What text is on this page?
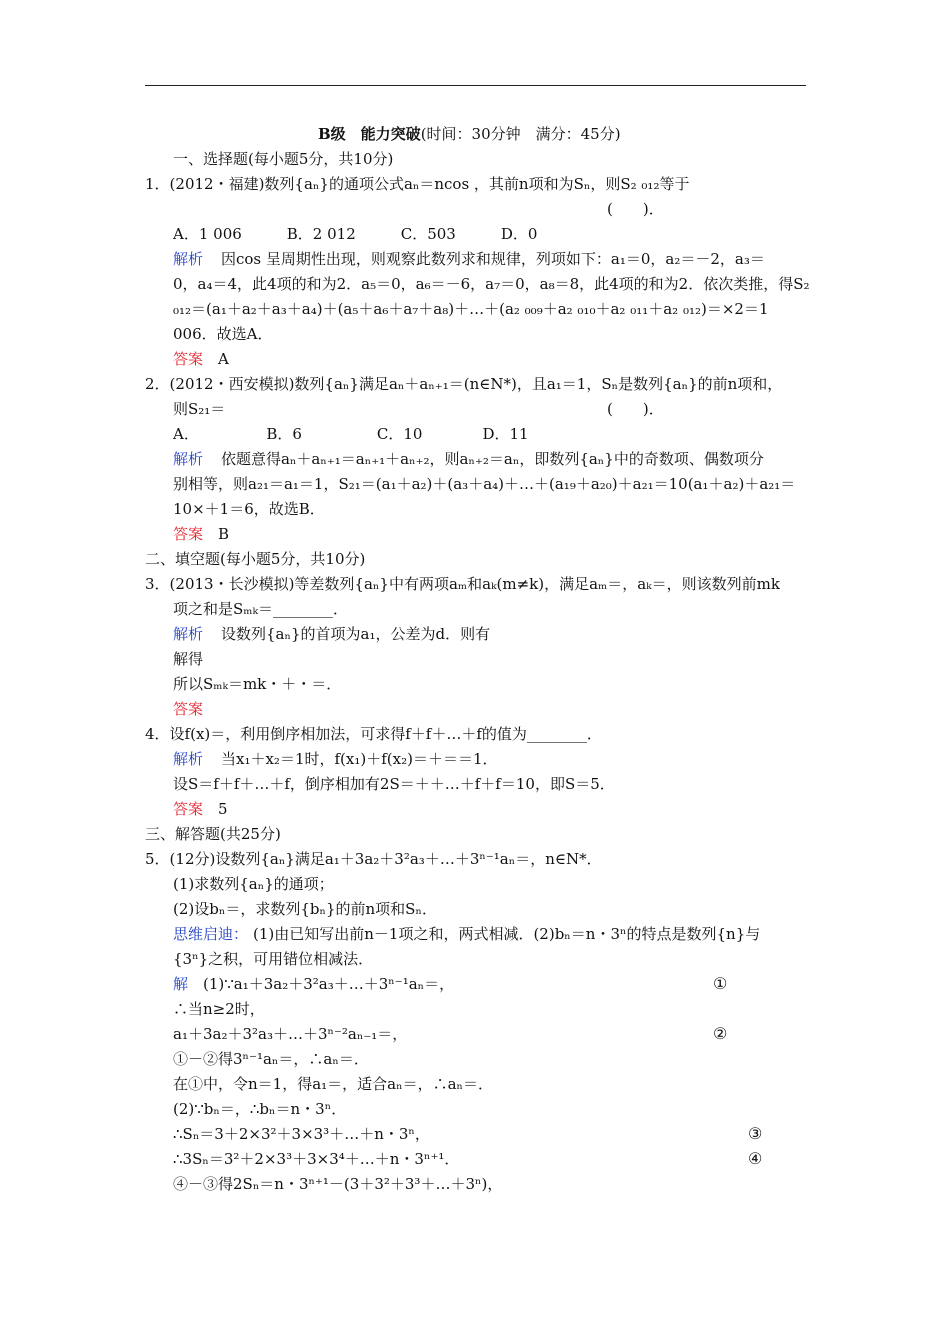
B级　能力突破(时间：30分钟　满分：45分)
一、选择题(每小题5分，共10分)
1．(2012・福建)数列{aₙ}的通项公式aₙ＝ncos ，其前n项和为Sₙ，则S₂ ₀₁₂等于
(　　)．
A．1 006　　　B．2 012　　　C．503　　　D．0
解析 因cos 呈周期性出现，则观察此数列求和规律，列项如下：a₁＝0，a₂＝－2，a₃＝
0，a₄＝4，此4项的和为2．a₅＝0，a₆＝－6，a₇＝0，a₈＝8，此4项的和为2．依次类推，得S₂
₀₁₂＝(a₁＋a₂＋a₃＋a₄)＋(a₅＋a₆＋a₇＋a₈)＋…＋(a₂ ₀₀₉＋a₂ ₀₁₀＋a₂ ₀₁₁＋a₂ ₀₁₂)＝×2＝1
006．故选A．
答案 A
2．(2012・西安模拟)数列{aₙ}满足aₙ＋aₙ₊₁＝(n∈N*)，且a₁＝1，Sₙ是数列{aₙ}的前n项和，
则S₂₁＝	(　　)．
A．　　　　　B．6　　　　　C．10　　　　D．11
解析 依题意得aₙ＋aₙ₊₁＝aₙ₊₁＋aₙ₊₂，则aₙ₊₂＝aₙ，即数列{aₙ}中的奇数项、偶数项分
别相等，则a₂₁＝a₁＝1，S₂₁＝(a₁＋a₂)＋(a₃＋a₄)＋…＋(a₁₉＋a₂₀)＋a₂₁＝10(a₁＋a₂)＋a₂₁＝
10×＋1＝6，故选B．
答案 B
二、填空题(每小题5分，共10分)
3．(2013・长沙模拟)等差数列{aₙ}中有两项aₘ和aₖ(m≠k)，满足aₘ＝，aₖ＝，则该数列前mk
项之和是Sₘₖ＝________．
解析 设数列{aₙ}的首项为a₁，公差为d．则有
解得
所以Sₘₖ＝mk・＋・＝．
答案
4．设f(x)＝，利用倒序相加法，可求得f＋f＋…＋f的值为________．
解析 当x₁＋x₂＝1时，f(x₁)＋f(x₂)＝＋＝＝1．
设S＝f＋f＋…＋f，倒序相加有2S＝＋＋…＋f＋f＝10，即S＝5．
答案 5
三、解答题(共25分)
5．(12分)设数列{aₙ}满足a₁＋3a₂＋3²a₃＋…＋3ⁿ⁻¹aₙ＝，n∈N*．
(1)求数列{aₙ}的通项；
(2)设bₙ＝，求数列{bₙ}的前n项和Sₙ．
思维启迪： (1)由已知写出前n－1项之和，两式相减．(2)bₙ＝n・3ⁿ的特点是数列{n}与
{3ⁿ}之积，可用错位相减法．
解 (1)∵a₁＋3a₂＋3²a₃＋…＋3ⁿ⁻¹aₙ＝，	①
∴当n≥2时，
a₁＋3a₂＋3²a₃＋…＋3ⁿ⁻²aₙ₋₁＝，	②
①－②得3ⁿ⁻¹aₙ＝，∴aₙ＝．
在①中，令n＝1，得a₁＝，适合aₙ＝，∴aₙ＝．
(2)∵bₙ＝，∴bₙ＝n・3ⁿ．
∴Sₙ＝3＋2×3²＋3×3³＋…＋n・3ⁿ，	③
∴3Sₙ＝3²＋2×3³＋3×3⁴＋…＋n・3ⁿ⁺¹．	④
④－③得2Sₙ＝n・3ⁿ⁺¹－(3＋3²＋3³＋…＋3ⁿ)，
